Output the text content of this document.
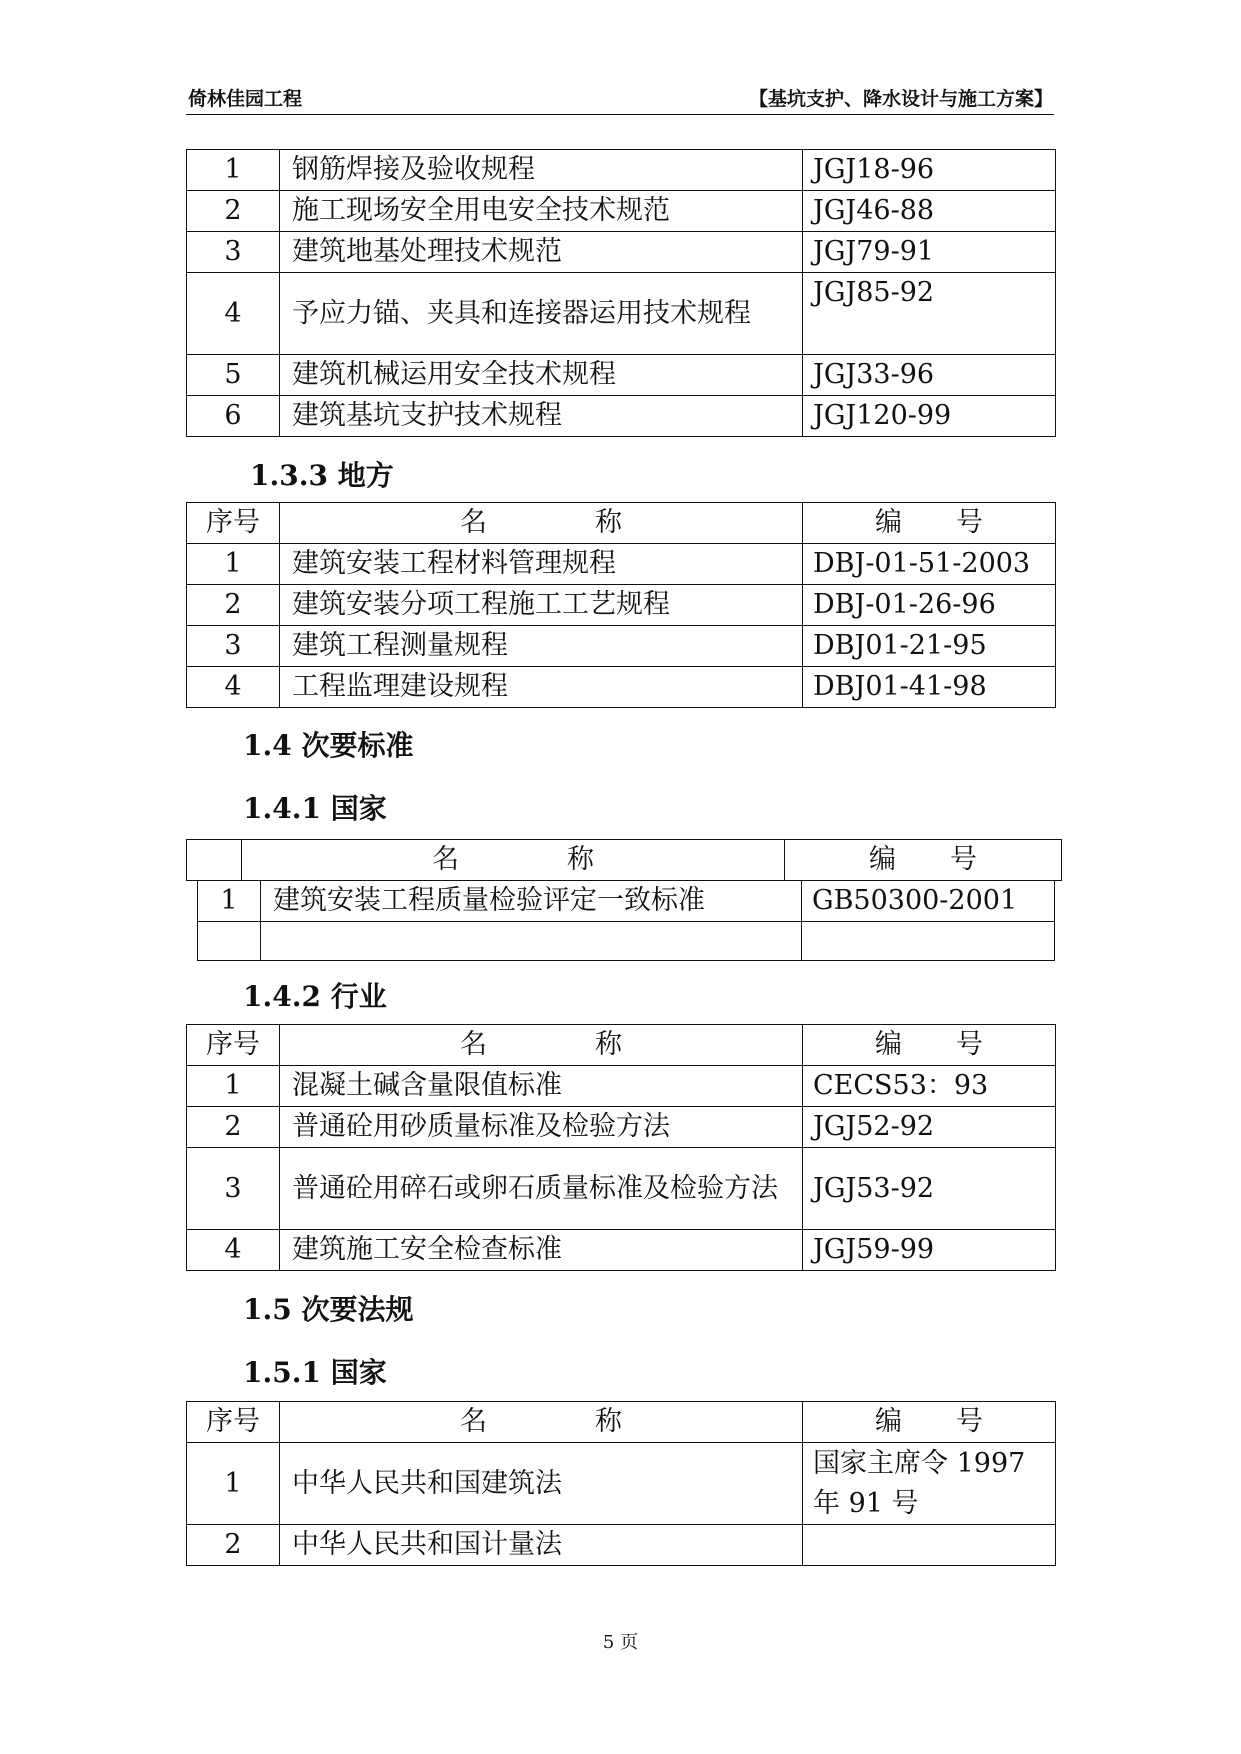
倚林佳园工程	【基坑支护、降水设计与施工方案】
1	钢筋焊接及验收规程	JGJ18-96
2	施工现场安全用电安全技术规范	JGJ46-88
3	建筑地基处理技术规范	JGJ79-91
4	予应力锚、夹具和连接器运用技术规程	JGJ85-92
5	建筑机械运用安全技术规程	JGJ33-96
6	建筑基坑支护技术规程	JGJ120-99
1.3.3 地方
序号	名　　　　称	编　　号
1	建筑安装工程材料管理规程	DBJ-01-51-2003
2	建筑安装分项工程施工工艺规程	DBJ-01-26-96
3	建筑工程测量规程	DBJ01-21-95
4	工程监理建设规程	DBJ01-41-98
1.4 次要标准
1.4.1 国家
	名　　　　称	编　　号
1	建筑安装工程质量检验评定一致标准	GB50300-2001

1.4.2 行业
序号	名　　　　称	编　　号
1	混凝土碱含量限值标准	CECS53：93
2	普通砼用砂质量标准及检验方法	JGJ52-92
3	普通砼用碎石或卵石质量标准及检验方法	JGJ53-92
4	建筑施工安全检查标准	JGJ59-99
1.5 次要法规
1.5.1 国家
序号	名　　　　称	编　　号
1	中华人民共和国建筑法	国家主席令 1997 年 91 号
2	中华人民共和国计量法	
5 页
